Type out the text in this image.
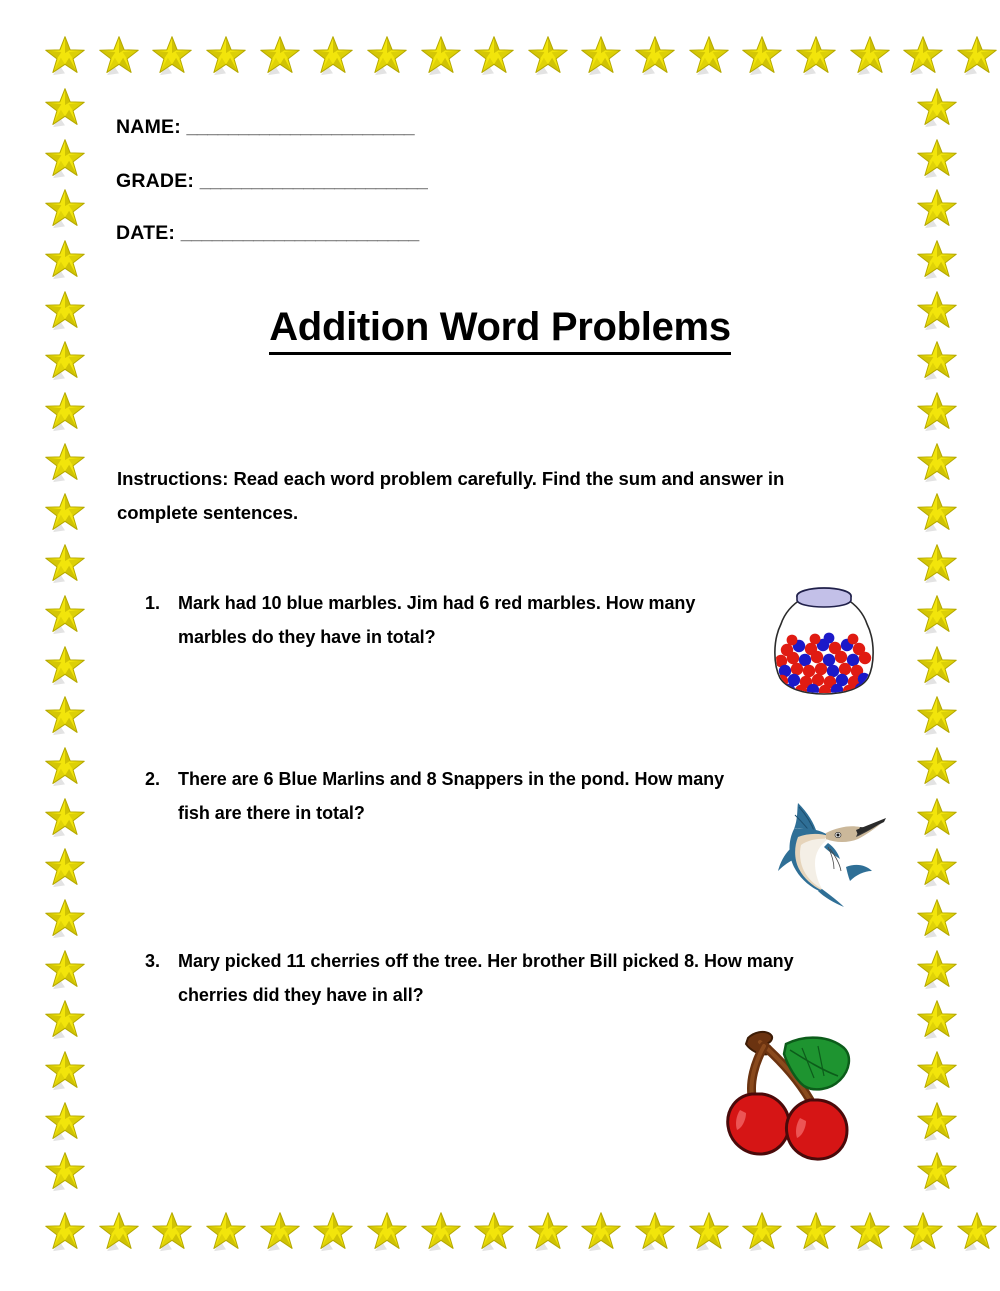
NAME: ______________________
GRADE: ______________________
DATE: _______________________
Addition Word Problems
Instructions: Read each word problem carefully. Find the sum and answer in complete sentences.
1.	Mark had 10 blue marbles. Jim had 6 red marbles. How many marbles do they have in total?
2.	There are 6 Blue Marlins and 8 Snappers in the pond. How many fish are there in total?
3.	Mary picked 11 cherries off the tree. Her brother Bill picked 8. How many cherries did they have in all?
